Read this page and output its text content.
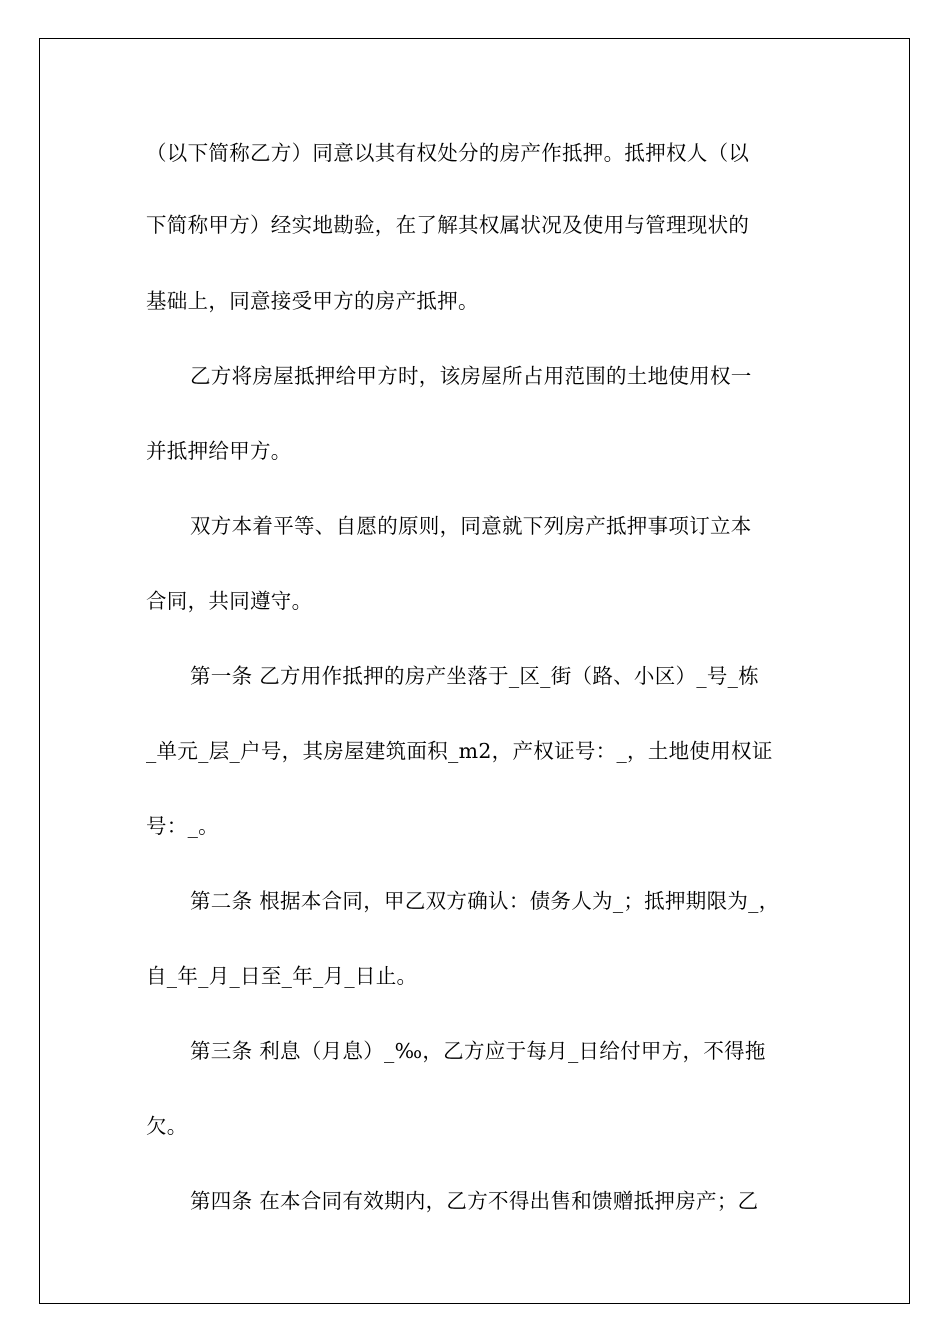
（以下简称乙方）同意以其有权处分的房产作抵押。抵押权人（以
下简称甲方）经实地勘验，在了解其权属状况及使用与管理现状的
基础上，同意接受甲方的房产抵押。
乙方将房屋抵押给甲方时，该房屋所占用范围的土地使用权一
并抵押给甲方。
双方本着平等、自愿的原则，同意就下列房产抵押事项订立本
合同，共同遵守。
第一条 乙方用作抵押的房产坐落于_区_街（路、小区）_号_栋
_单元_层_户号，其房屋建筑面积_m2，产权证号：_，土地使用权证
号：_。
第二条 根据本合同，甲乙双方确认：债务人为_；抵押期限为_，
自_年_月_日至_年_月_日止。
第三条 利息（月息）_‰，乙方应于每月_日给付甲方，不得拖
欠。
第四条 在本合同有效期内，乙方不得出售和馈赠抵押房产；乙
